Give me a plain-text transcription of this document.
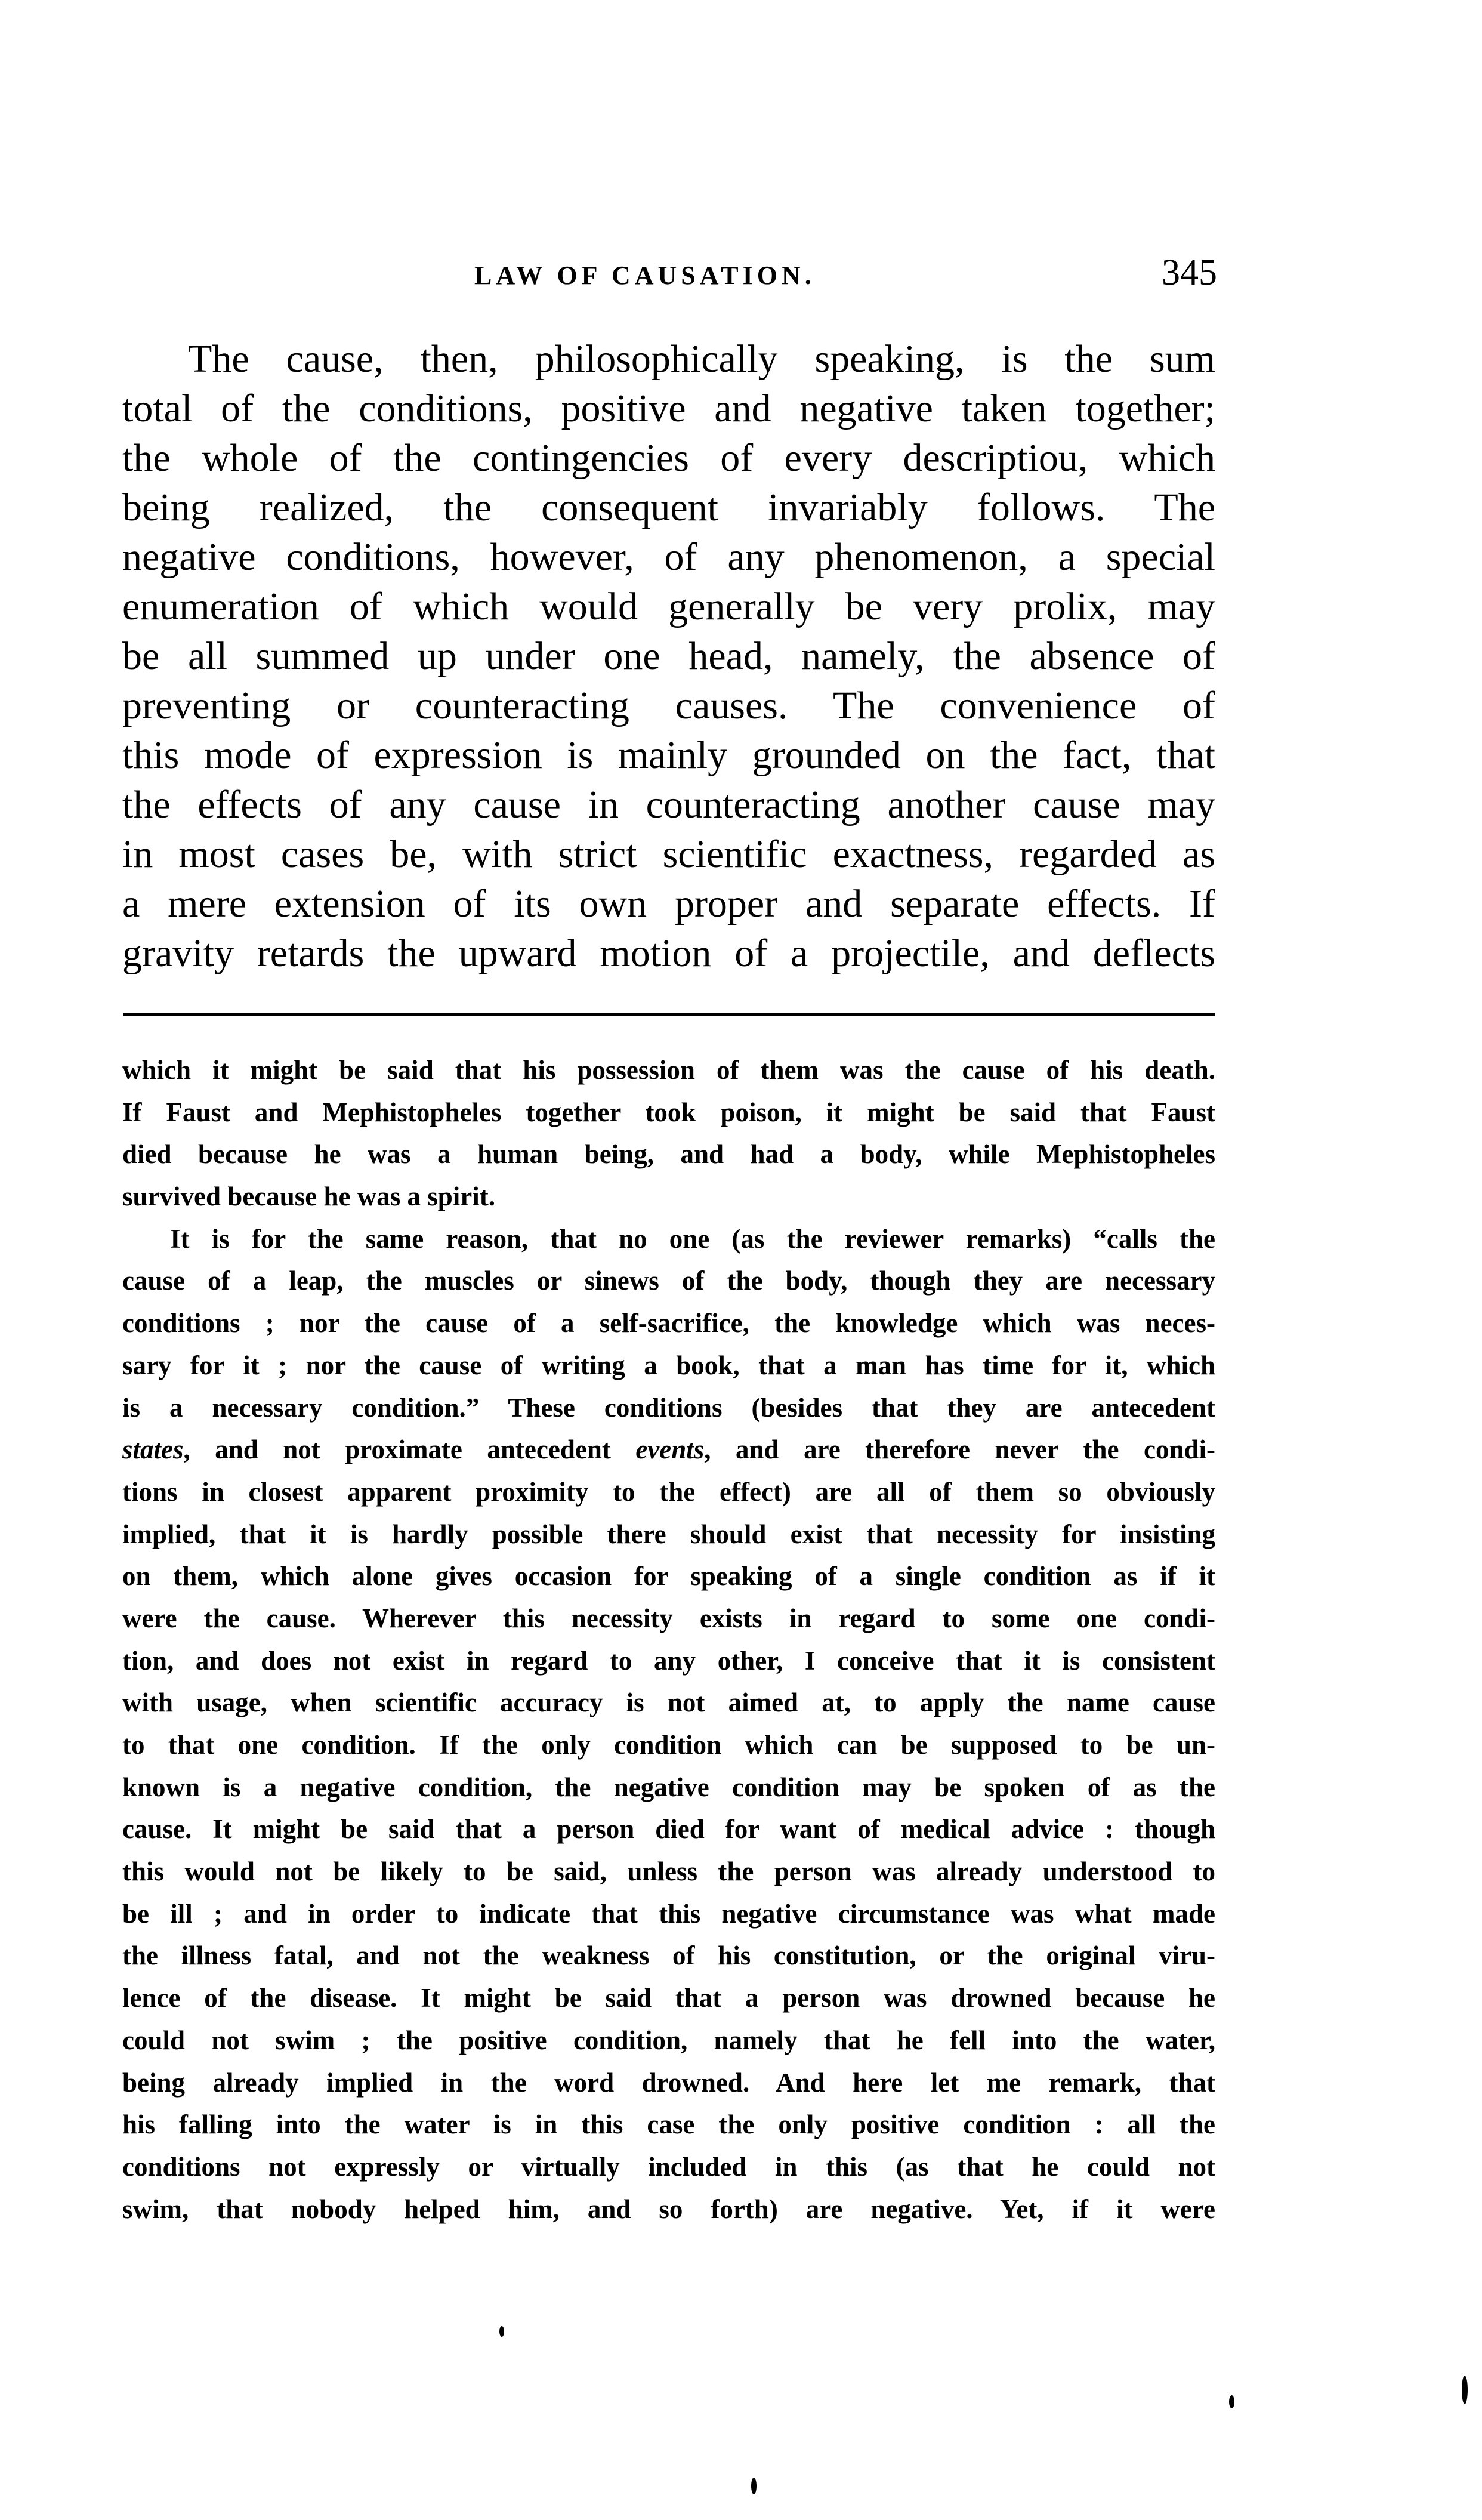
LAW OF CAUSATION.	345
The cause, then, philosophically speaking, is the sum
total of the conditions, positive and negative taken together;
the whole of the contingencies of every descriptiou, which
being realized, the consequent invariably follows. The
negative conditions, however, of any phenomenon, a special
enumeration of which would generally be very prolix, may
be all summed up under one head, namely, the absence of
preventing or counteracting causes. The convenience of
this mode of expression is mainly grounded on the fact, that
the effects of any cause in counteracting another cause may
in most cases be, with strict scientific exactness, regarded as
a mere extension of its own proper and separate effects. If
gravity retards the upward motion of a projectile, and deflects
which it might be said that his possession of them was the cause of his death.
If Faust and Mephistopheles together took poison, it might be said that Faust
died because he was a human being, and had a body, while Mephistopheles
survived because he was a spirit.
It is for the same reason, that no one (as the reviewer remarks) “calls the
cause of a leap, the muscles or sinews of the body, though they are necessary
conditions ; nor the cause of a self-sacrifice, the knowledge which was neces-
sary for it ; nor the cause of writing a book, that a man has time for it, which
is a necessary condition.” These conditions (besides that they are antecedent
states, and not proximate antecedent events, and are therefore never the condi-
tions in closest apparent proximity to the effect) are all of them so obviously
implied, that it is hardly possible there should exist that necessity for insisting
on them, which alone gives occasion for speaking of a single condition as if it
were the cause. Wherever this necessity exists in regard to some one condi-
tion, and does not exist in regard to any other, I conceive that it is consistent
with usage, when scientific accuracy is not aimed at, to apply the name cause
to that one condition. If the only condition which can be supposed to be un-
known is a negative condition, the negative condition may be spoken of as the
cause. It might be said that a person died for want of medical advice : though
this would not be likely to be said, unless the person was already understood to
be ill ; and in order to indicate that this negative circumstance was what made
the illness fatal, and not the weakness of his constitution, or the original viru-
lence of the disease. It might be said that a person was drowned because he
could not swim ; the positive condition, namely that he fell into the water,
being already implied in the word drowned. And here let me remark, that
his falling into the water is in this case the only positive condition : all the
conditions not expressly or virtually included in this (as that he could not
swim, that nobody helped him, and so forth) are negative. Yet, if it were
